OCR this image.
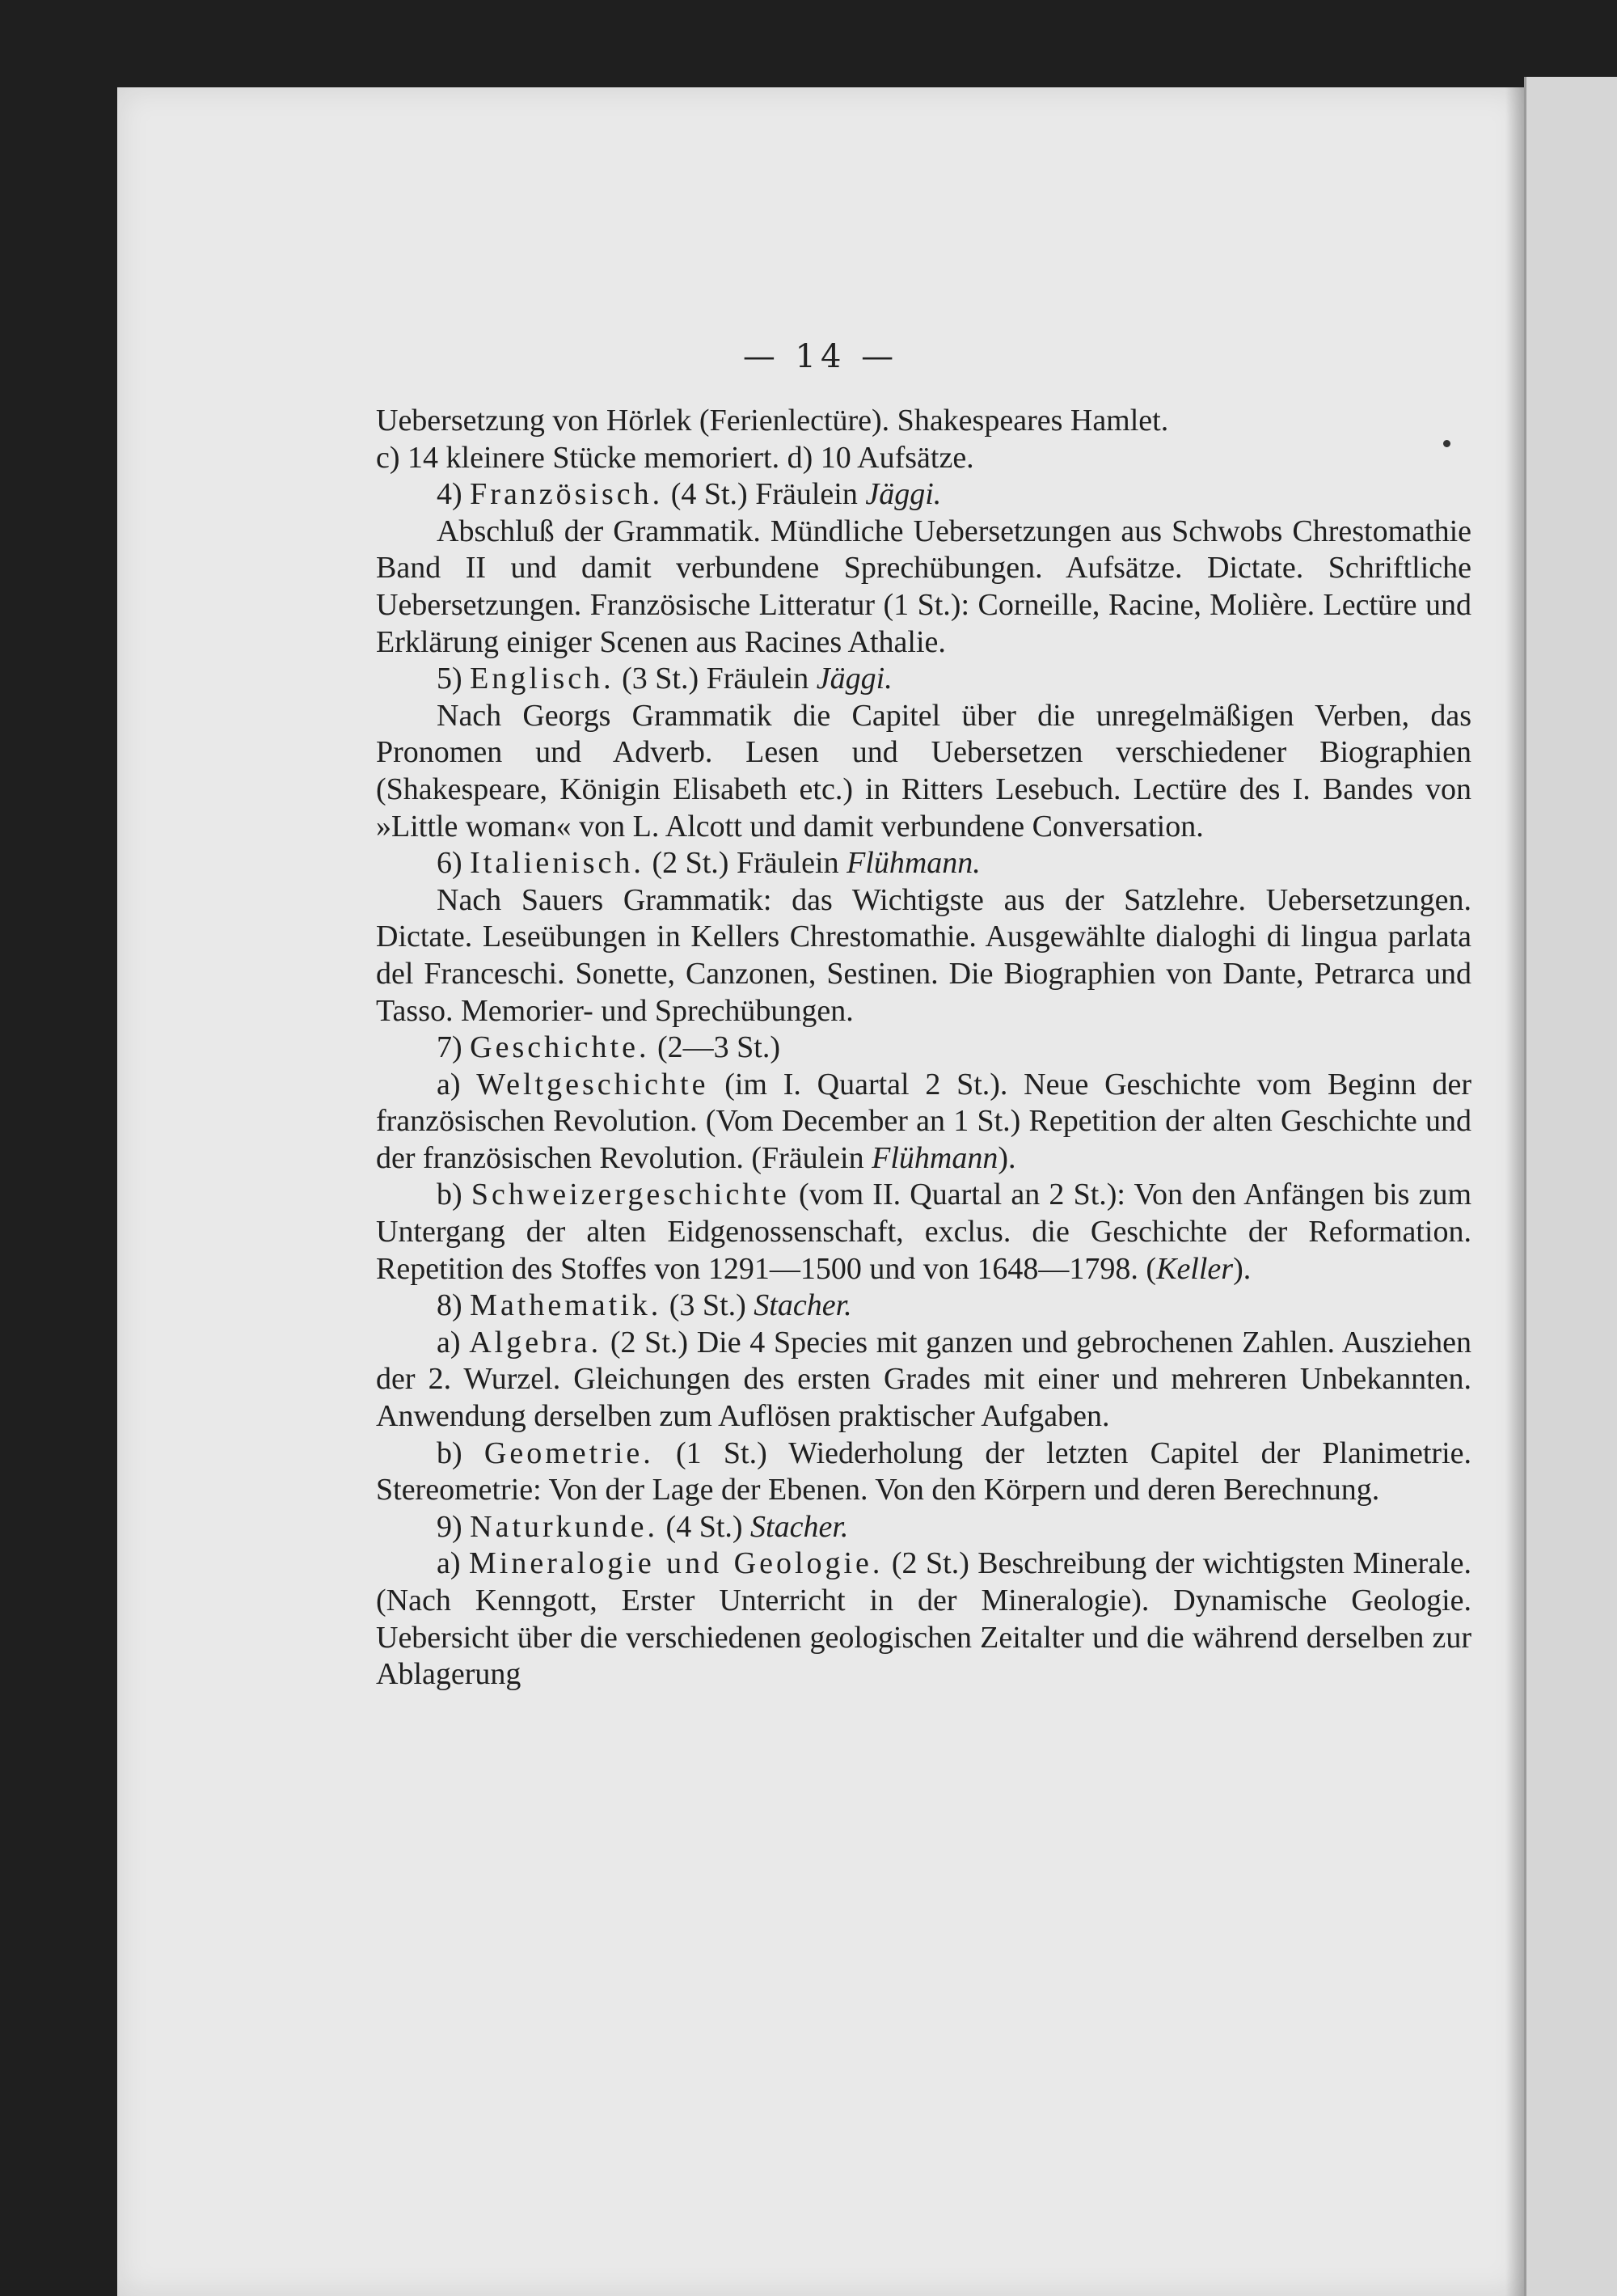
— 14 —

Uebersetzung von Hörlek (Ferienlectüre). Shakespeares Hamlet.

c) 14 kleinere Stücke memoriert. d) 10 Aufsätze.

4) Französisch. (4 St.) Fräulein Jäggi.

Abschluß der Grammatik. Mündliche Uebersetzungen aus Schwobs Chrestomathie Band II und damit verbundene Sprechübungen. Aufsätze. Dictate. Schriftliche Uebersetzungen. Französische Litteratur (1 St.): Corneille, Racine, Molière. Lectüre und Erklärung einiger Scenen aus Racines Athalie.

5) Englisch. (3 St.) Fräulein Jäggi.

Nach Georgs Grammatik die Capitel über die unregelmäßigen Verben, das Pronomen und Adverb. Lesen und Uebersetzen verschiedener Biographien (Shakespeare, Königin Elisabeth etc.) in Ritters Lesebuch. Lectüre des I. Bandes von »Little woman« von L. Alcott und damit verbundene Conversation.

6) Italienisch. (2 St.) Fräulein Flühmann.

Nach Sauers Grammatik: das Wichtigste aus der Satzlehre. Uebersetzungen. Dictate. Leseübungen in Kellers Chrestomathie. Ausgewählte dialoghi di lingua parlata del Franceschi. Sonette, Canzonen, Sestinen. Die Biographien von Dante, Petrarca und Tasso. Memorier- und Sprechübungen.

7) Geschichte. (2—3 St.)

a) Weltgeschichte (im I. Quartal 2 St.). Neue Geschichte vom Beginn der französischen Revolution. (Vom December an 1 St.) Repetition der alten Geschichte und der französischen Revolution. (Fräulein Flühmann).

b) Schweizergeschichte (vom II. Quartal an 2 St.): Von den Anfängen bis zum Untergang der alten Eidgenossenschaft, exclus. die Geschichte der Reformation. Repetition des Stoffes von 1291—1500 und von 1648—1798. (Keller).

8) Mathematik. (3 St.) Stacher.

a) Algebra. (2 St.) Die 4 Species mit ganzen und gebrochenen Zahlen. Ausziehen der 2. Wurzel. Gleichungen des ersten Grades mit einer und mehreren Unbekannten. Anwendung derselben zum Auflösen praktischer Aufgaben.

b) Geometrie. (1 St.) Wiederholung der letzten Capitel der Planimetrie. Stereometrie: Von der Lage der Ebenen. Von den Körpern und deren Berechnung.

9) Naturkunde. (4 St.) Stacher.

a) Mineralogie und Geologie. (2 St.) Beschreibung der wichtigsten Minerale. (Nach Kenngott, Erster Unterricht in der Mineralogie). Dynamische Geologie. Uebersicht über die verschiedenen geologischen Zeitalter und die während derselben zur Ablagerung
